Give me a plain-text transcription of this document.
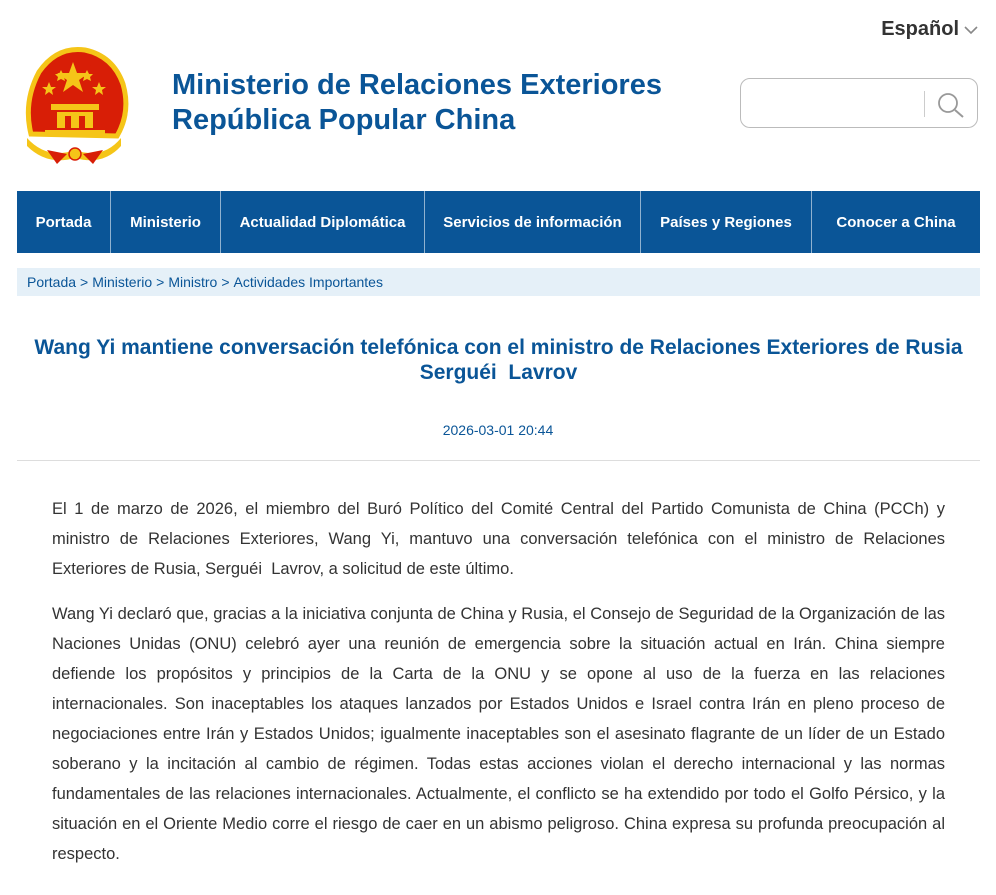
Español
Ministerio de Relaciones Exteriores
República Popular China
Portada	Ministerio	Actualidad Diplomática	Servicios de información	Países y Regiones	Conocer a China
Portada > Ministerio > Ministro > Actividades Importantes
Wang Yi mantiene conversación telefónica con el ministro de Relaciones Exteriores de Rusia Serguéi  Lavrov
2026-03-01 20:44

El 1 de marzo de 2026, el miembro del Buró Político del Comité Central del Partido Comunista de China (PCCh) y ministro de Relaciones Exteriores, Wang Yi, mantuvo una conversación telefónica con el ministro de Relaciones Exteriores de Rusia, Serguéi  Lavrov, a solicitud de este último.

Wang Yi declaró que, gracias a la iniciativa conjunta de China y Rusia, el Consejo de Seguridad de la Organización de las Naciones Unidas (ONU) celebró ayer una reunión de emergencia sobre la situación actual en Irán. China siempre defiende los propósitos y principios de la Carta de la ONU y se opone al uso de la fuerza en las relaciones internacionales. Son inaceptables los ataques lanzados por Estados Unidos e Israel contra Irán en pleno proceso de negociaciones entre Irán y Estados Unidos; igualmente inaceptables son el asesinato flagrante de un líder de un Estado soberano y la incitación al cambio de régimen. Todas estas acciones violan el derecho internacional y las normas fundamentales de las relaciones internacionales. Actualmente, el conflicto se ha extendido por todo el Golfo Pérsico, y la situación en el Oriente Medio corre el riesgo de caer en un abismo peligroso. China expresa su profunda preocupación al respecto.
